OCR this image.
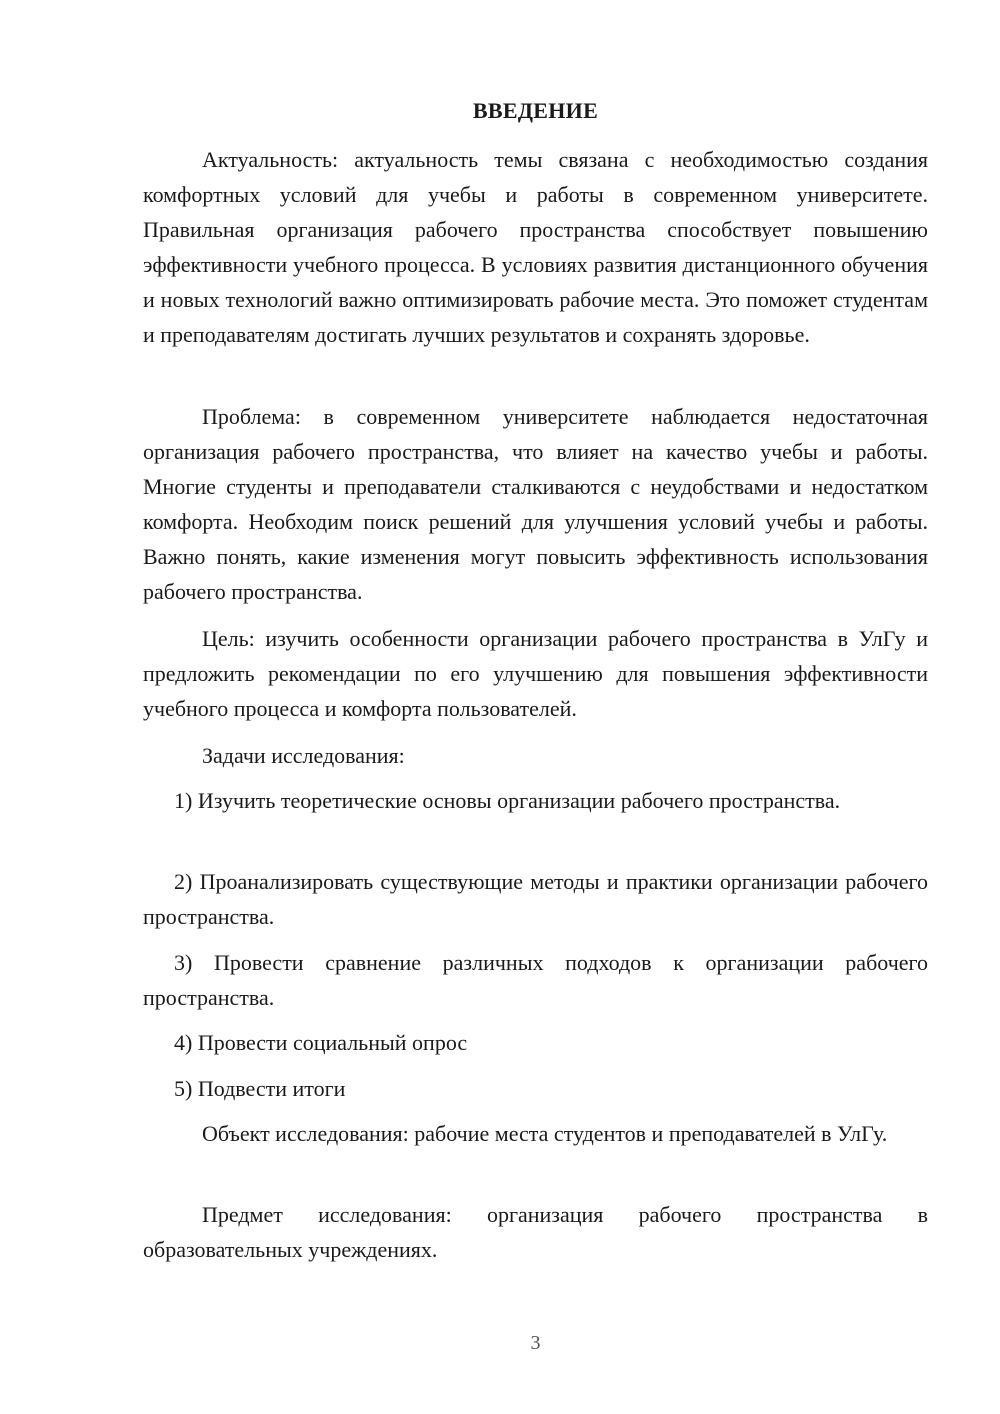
ВВЕДЕНИЕ

Актуальность: актуальность темы связана с необходимостью создания комфортных условий для учебы и работы в современном университете. Правильная организация рабочего пространства способствует повышению эффективности учебного процесса. В условиях развития дистанционного обучения и новых технологий важно оптимизировать рабочие места. Это поможет студентам и преподавателям достигать лучших результатов и сохранять здоровье.

Проблема: в современном университете наблюдается недостаточная организация рабочего пространства, что влияет на качество учебы и работы. Многие студенты и преподаватели сталкиваются с неудобствами и недостатком комфорта. Необходим поиск решений для улучшения условий учебы и работы. Важно понять, какие изменения могут повысить эффективность использования рабочего пространства.

Цель: изучить особенности организации рабочего пространства в УлГу и предложить рекомендации по его улучшению для повышения эффективности учебного процесса и комфорта пользователей.

Задачи исследования:

1) Изучить теоретические основы организации рабочего пространства.

2) Проанализировать существующие методы и практики организации рабочего пространства.

3) Провести сравнение различных подходов к организации рабочего пространства.

4) Провести социальный опрос

5) Подвести итоги

Объект исследования: рабочие места студентов и преподавателей в УлГу.

Предмет исследования: организация рабочего пространства в образовательных учреждениях.

3
